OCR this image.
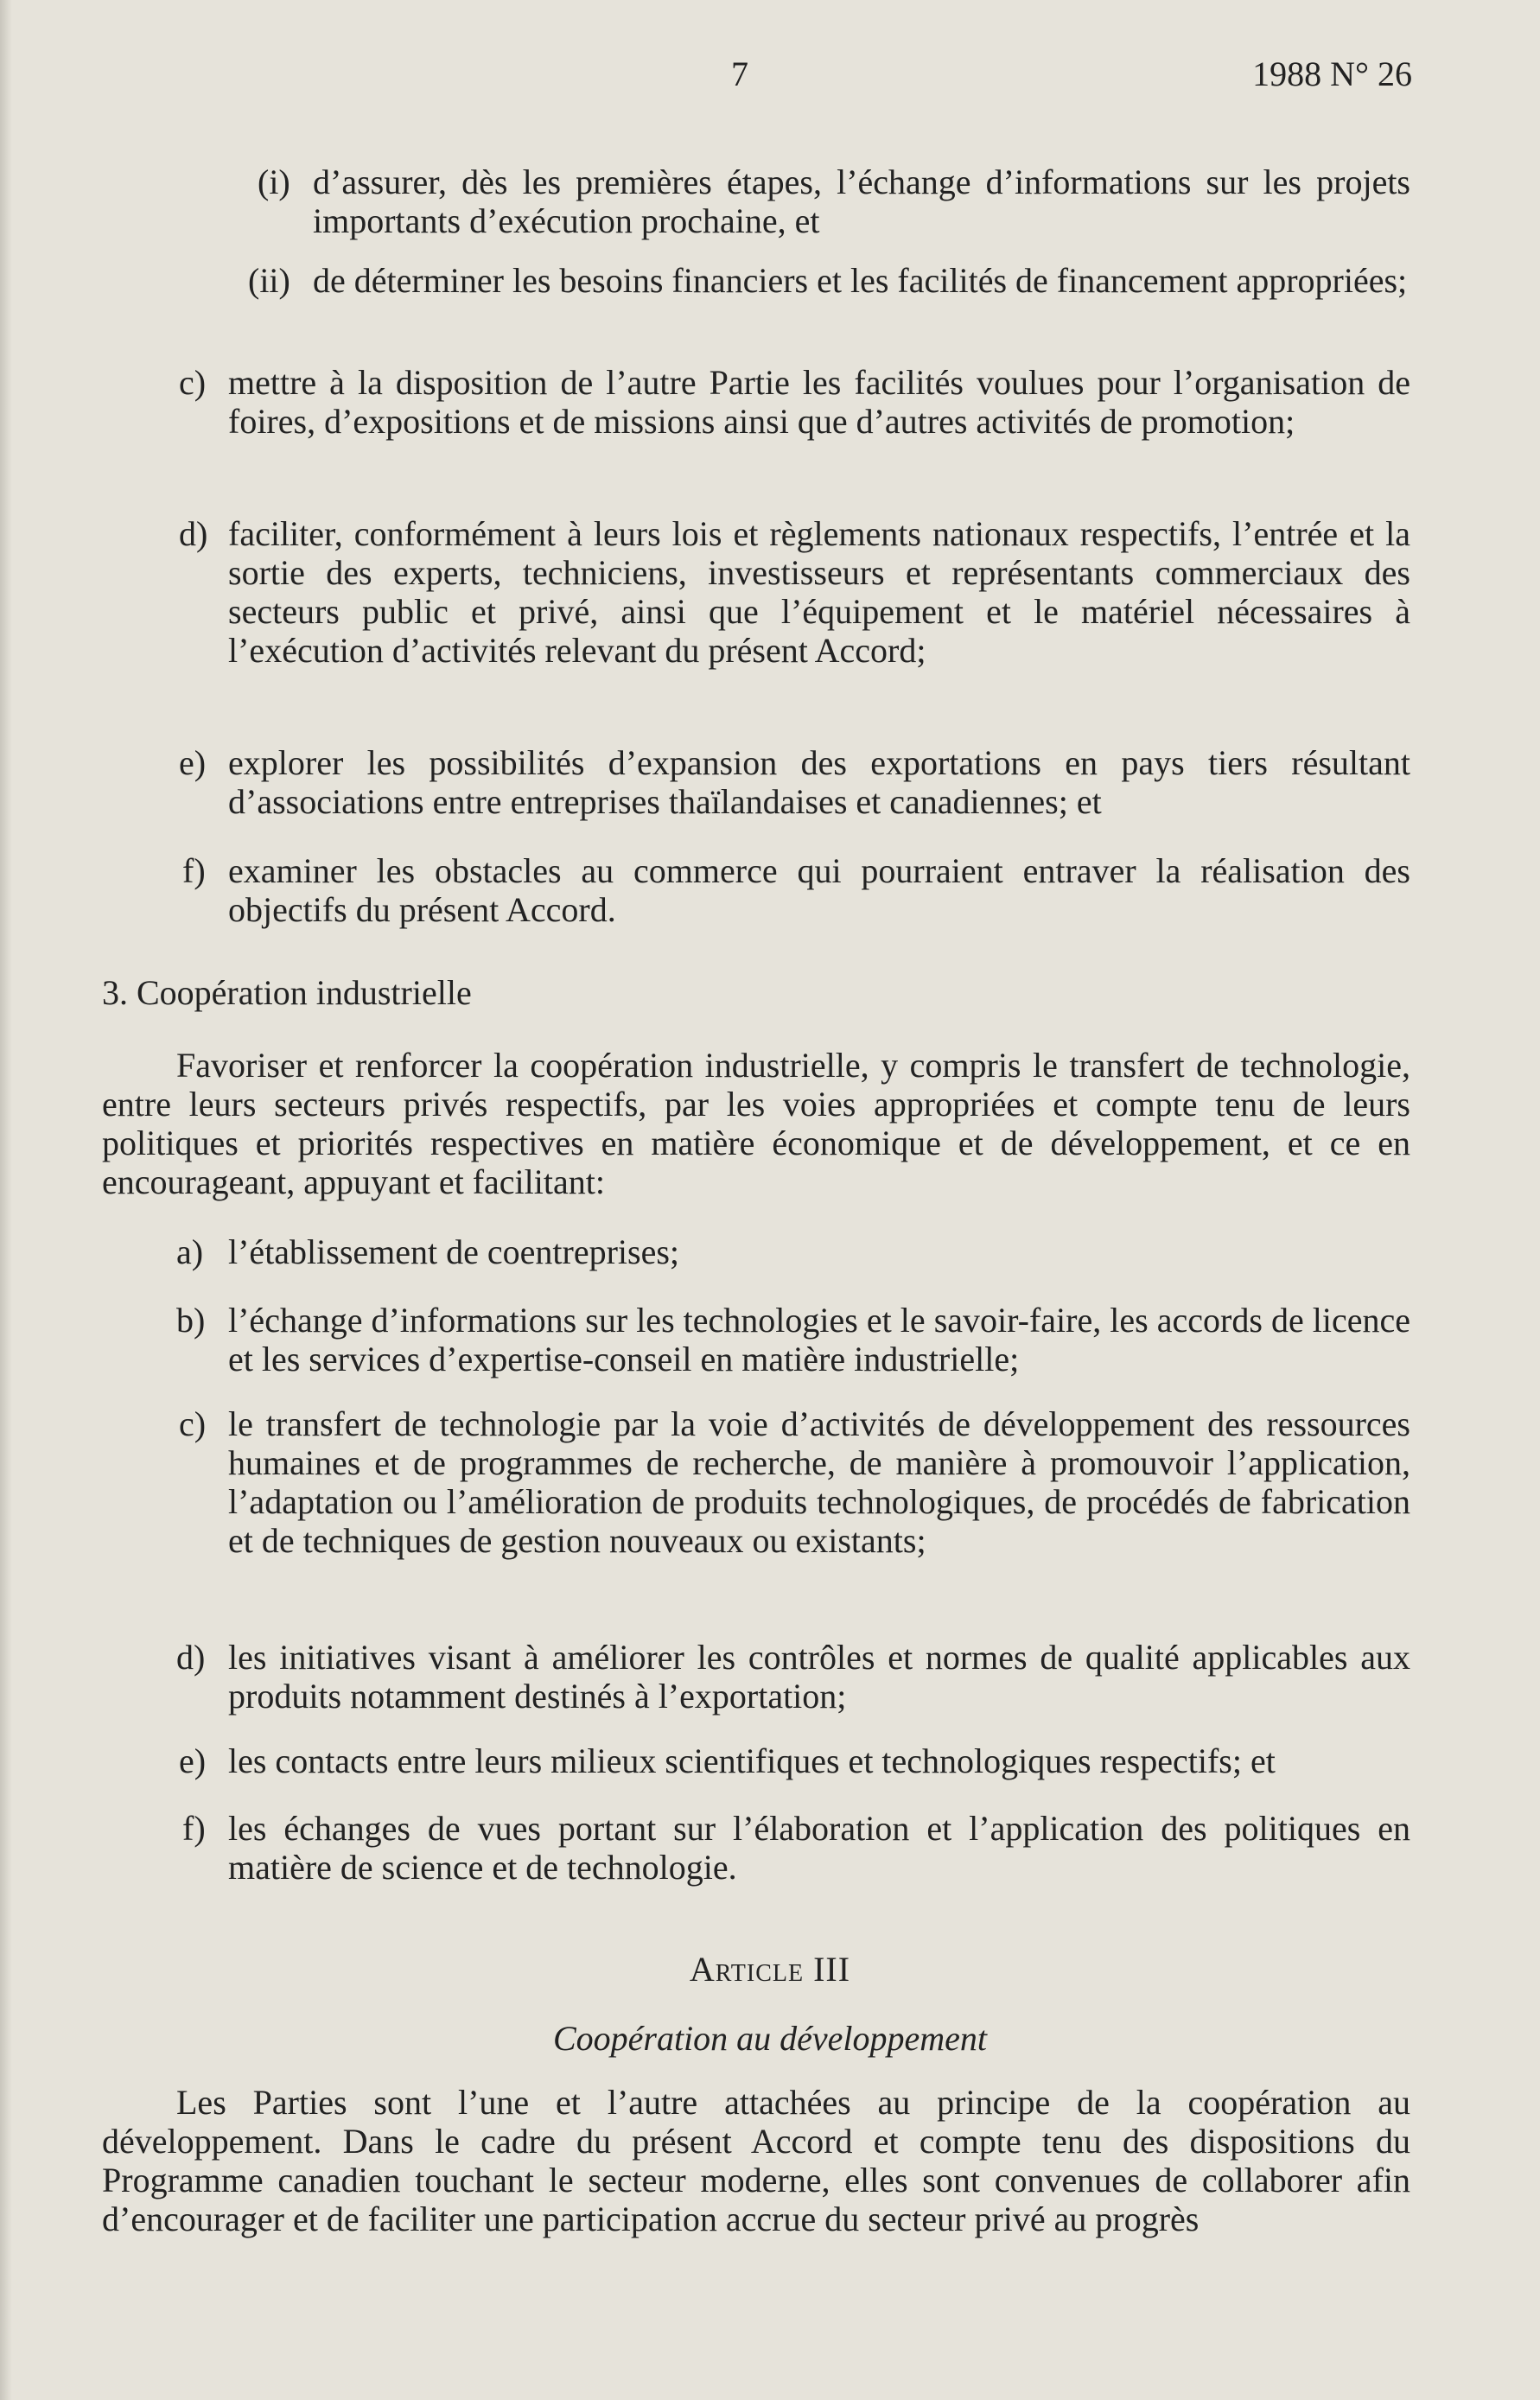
7	1988 N° 26
(i) d’assurer, dès les premières étapes, l’échange d’informations sur les projets importants d’exécution prochaine, et

(ii) de déterminer les besoins financiers et les facilités de financement appropriées;

c) mettre à la disposition de l’autre Partie les facilités voulues pour l’organisation de foires, d’expositions et de missions ainsi que d’autres activités de promotion;

d) faciliter, conformément à leurs lois et règlements nationaux respectifs, l’entrée et la sortie des experts, techniciens, investisseurs et représentants commerciaux des secteurs public et privé, ainsi que l’équipement et le matériel nécessaires à l’exécution d’activités relevant du présent Accord;

e) explorer les possibilités d’expansion des exportations en pays tiers résultant d’associations entre entreprises thaïlandaises et canadiennes; et

f) examiner les obstacles au commerce qui pourraient entraver la réalisation des objectifs du présent Accord.

3. Coopération industrielle

Favoriser et renforcer la coopération industrielle, y compris le transfert de technologie, entre leurs secteurs privés respectifs, par les voies appropriées et compte tenu de leurs politiques et priorités respectives en matière économique et de développement, et ce en encourageant, appuyant et facilitant:

a) l’établissement de coentreprises;

b) l’échange d’informations sur les technologies et le savoir-faire, les accords de licence et les services d’expertise-conseil en matière industrielle;

c) le transfert de technologie par la voie d’activités de développement des ressources humaines et de programmes de recherche, de manière à promouvoir l’application, l’adaptation ou l’amélioration de produits technologiques, de procédés de fabrication et de techniques de gestion nouveaux ou existants;

d) les initiatives visant à améliorer les contrôles et normes de qualité applicables aux produits notamment destinés à l’exportation;

e) les contacts entre leurs milieux scientifiques et technologiques respectifs; et

f) les échanges de vues portant sur l’élaboration et l’application des politiques en matière de science et de technologie.

Article III
Coopération au développement

Les Parties sont l’une et l’autre attachées au principe de la coopération au développement. Dans le cadre du présent Accord et compte tenu des dispositions du Programme canadien touchant le secteur moderne, elles sont convenues de collaborer afin d’encourager et de faciliter une participation accrue du secteur privé au progrès
